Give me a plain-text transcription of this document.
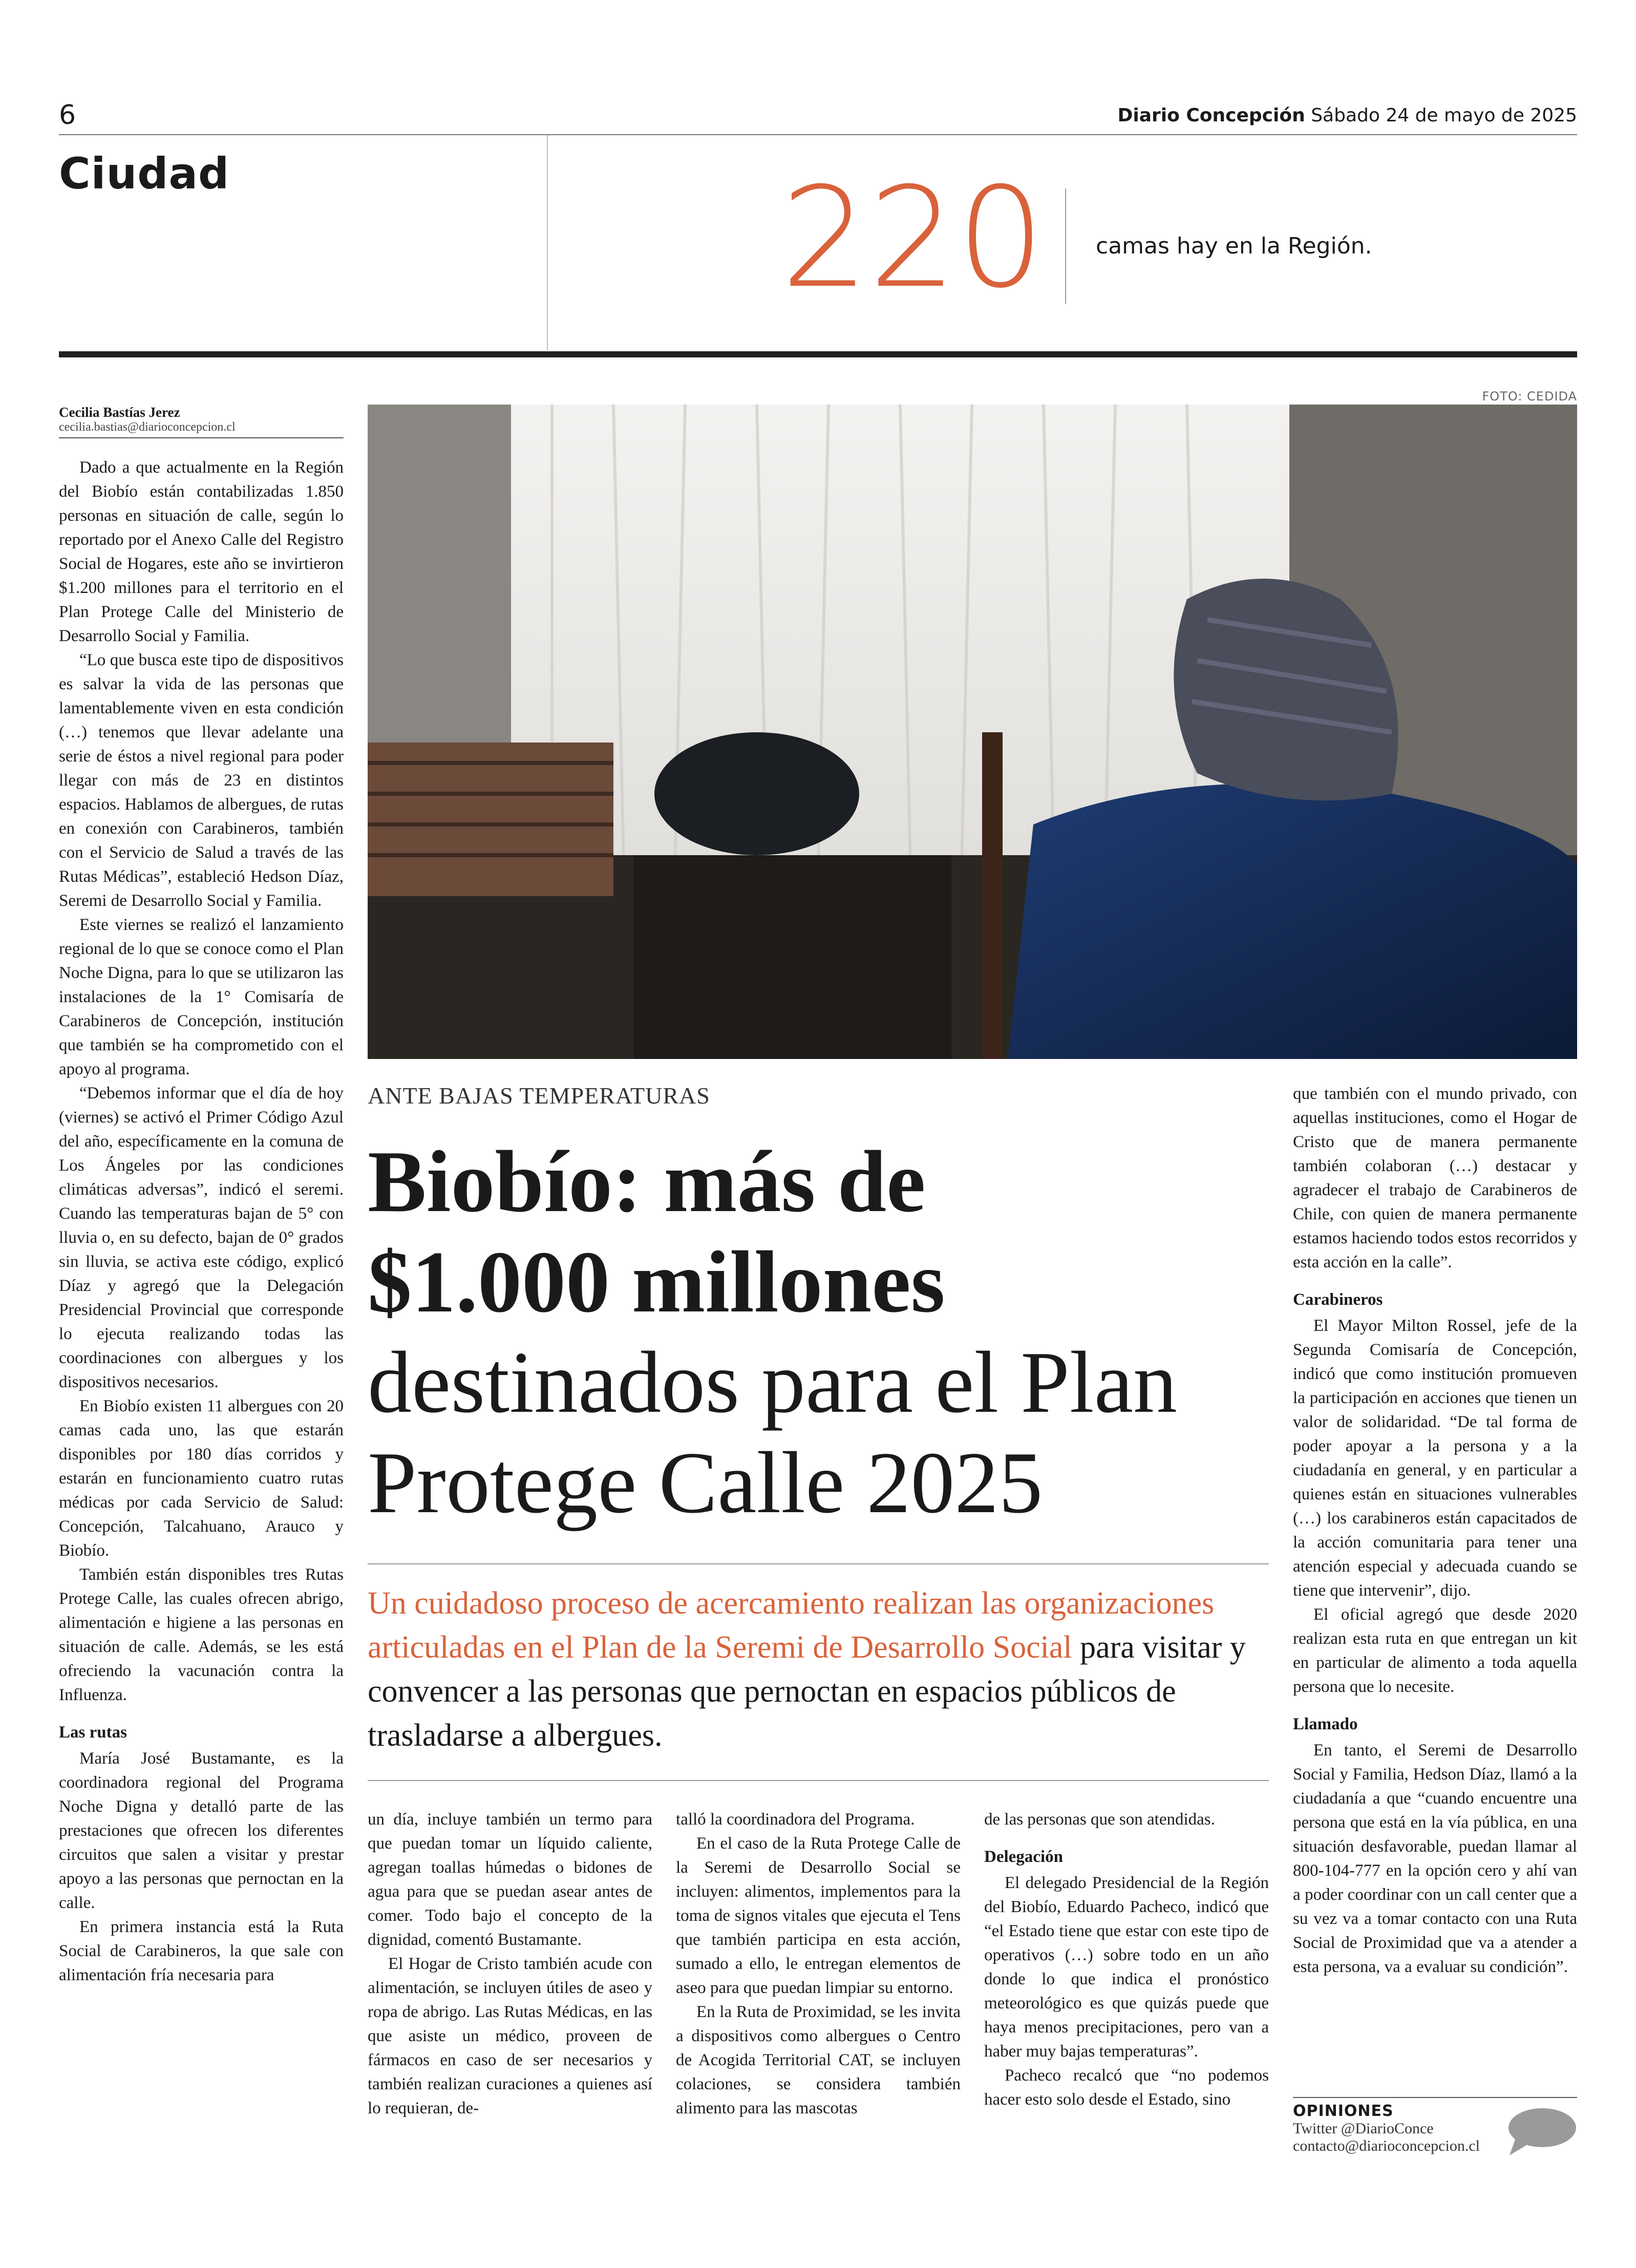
6	Diario Concepción Sábado 24 de mayo de 2025
Ciudad	220 camas hay en la Región.
Cecilia Bastías Jerez
cecilia.bastias@diarioconcepcion.cl
FOTO: CEDIDA
ANTE BAJAS TEMPERATURAS
Biobío: más de
$1.000 millones
destinados para el Plan
Protege Calle 2025
Un cuidadoso proceso de acercamiento realizan las organizaciones articuladas en el Plan de la Seremi de Desarrollo Social para visitar y convencer a las personas que pernoctan en espacios públicos de trasladarse a albergues.

Dado a que actualmente en la Región del Biobío están contabilizadas 1.850 personas en situación de calle, según lo reportado por el Anexo Calle del Registro Social de Hogares, este año se invirtieron $1.200 millones para el territorio en el Plan Protege Calle del Ministerio de Desarrollo Social y Familia.

“Lo que busca este tipo de dispositivos es salvar la vida de las personas que lamentablemente viven en esta condición (…) tenemos que llevar adelante una serie de éstos a nivel regional para poder llegar con más de 23 en distintos espacios. Hablamos de albergues, de rutas en conexión con Carabineros, también con el Servicio de Salud a través de las Rutas Médicas”, estableció Hedson Díaz, Seremi de Desarrollo Social y Familia.

Este viernes se realizó el lanzamiento regional de lo que se conoce como el Plan Noche Digna, para lo que se utilizaron las instalaciones de la 1° Comisaría de Carabineros de Concepción, institución que también se ha comprometido con el apoyo al programa.

“Debemos informar que el día de hoy (viernes) se activó el Primer Código Azul del año, específicamente en la comuna de Los Ángeles por las condiciones climáticas adversas”, indicó el seremi. Cuando las temperaturas bajan de 5° con lluvia o, en su defecto, bajan de 0° grados sin lluvia, se activa este código, explicó Díaz y agregó que la Delegación Presidencial Provincial que corresponde lo ejecuta realizando todas las coordinaciones con albergues y los dispositivos necesarios.

En Biobío existen 11 albergues con 20 camas cada uno, las que estarán disponibles por 180 días corridos y estarán en funcionamiento cuatro rutas médicas por cada Servicio de Salud: Concepción, Talcahuano, Arauco y Biobío.

También están disponibles tres Rutas Protege Calle, las cuales ofrecen abrigo, alimentación e higiene a las personas en situación de calle. Además, se les está ofreciendo la vacunación contra la Influenza.

Las rutas

María José Bustamante, es la coordinadora regional del Programa Noche Digna y detalló parte de las prestaciones que ofrecen los diferentes circuitos que salen a visitar y prestar apoyo a las personas que pernoctan en la calle.

En primera instancia está la Ruta Social de Carabineros, la que sale con alimentación fría necesaria para

un día, incluye también un termo para que puedan tomar un líquido caliente, agregan toallas húmedas o bidones de agua para que se puedan asear antes de comer. Todo bajo el concepto de la dignidad, comentó Bustamante.

El Hogar de Cristo también acude con alimentación, se incluyen útiles de aseo y ropa de abrigo. Las Rutas Médicas, en las que asiste un médico, proveen de fármacos en caso de ser necesarios y también realizan curaciones a quienes así lo requieran, de-

talló la coordinadora del Programa.

En el caso de la Ruta Protege Calle de la Seremi de Desarrollo Social se incluyen: alimentos, implementos para la toma de signos vitales que ejecuta el Tens que también participa en esta acción, sumado a ello, le entregan elementos de aseo para que puedan limpiar su entorno.

En la Ruta de Proximidad, se les invita a dispositivos como albergues o Centro de Acogida Territorial CAT, se incluyen colaciones, se considera también alimento para las mascotas

de las personas que son atendidas.

Delegación

El delegado Presidencial de la Región del Biobío, Eduardo Pacheco, indicó que “el Estado tiene que estar con este tipo de operativos (…) sobre todo en un año donde lo que indica el pronóstico meteorológico es que quizás puede que haya menos precipitaciones, pero van a haber muy bajas temperaturas”.

Pacheco recalcó que “no podemos hacer esto solo desde el Estado, sino

que también con el mundo privado, con aquellas instituciones, como el Hogar de Cristo que de manera permanente también colaboran (…) destacar y agradecer el trabajo de Carabineros de Chile, con quien de manera permanente estamos haciendo todos estos recorridos y esta acción en la calle”.

Carabineros

El Mayor Milton Rossel, jefe de la Segunda Comisaría de Concepción, indicó que como institución promueven la participación en acciones que tienen un valor de solidaridad. “De tal forma de poder apoyar a la persona y a la ciudadanía en general, y en particular a quienes están en situaciones vulnerables (…) los carabineros están capacitados de la acción comunitaria para tener una atención especial y adecuada cuando se tiene que intervenir”, dijo.

El oficial agregó que desde 2020 realizan esta ruta en que entregan un kit en particular de alimento a toda aquella persona que lo necesite.

Llamado

En tanto, el Seremi de Desarrollo Social y Familia, Hedson Díaz, llamó a la ciudadanía a que “cuando encuentre una persona que está en la vía pública, en una situación desfavorable, puedan llamar al 800-104-777 en la opción cero y ahí van a poder coordinar con un call center que a su vez va a tomar contacto con una Ruta Social de Proximidad que va a atender a esta persona, va a evaluar su condición”.

OPINIONES
Twitter @DiarioConce
contacto@diarioconcepcion.cl
